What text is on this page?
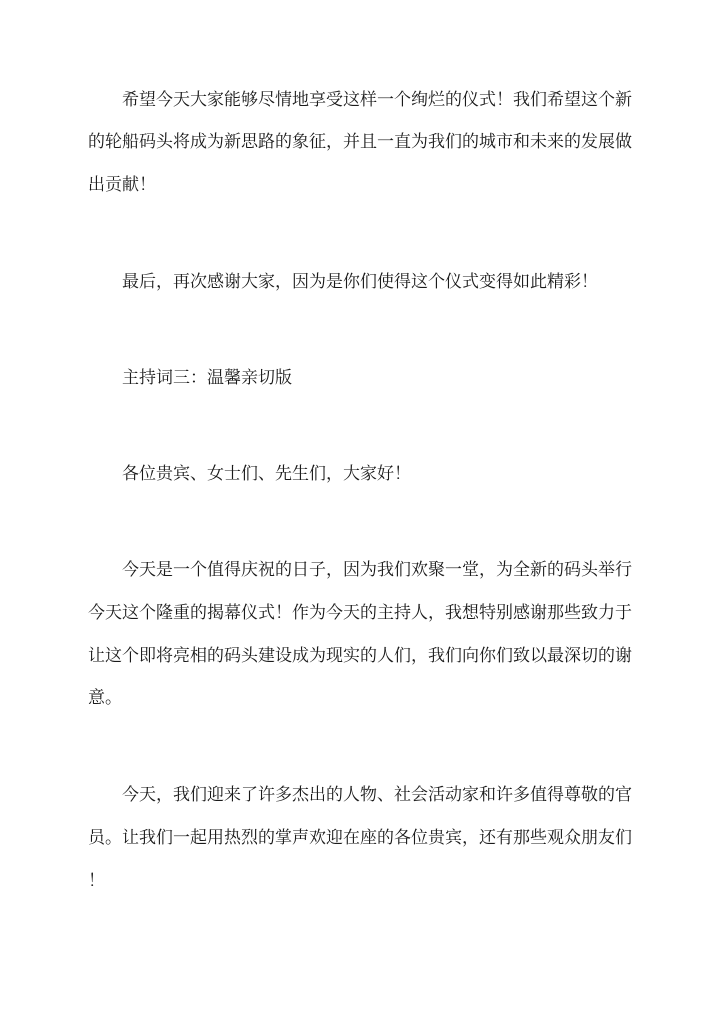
希望今天大家能够尽情地享受这样一个绚烂的仪式！我们希望这个新
的轮船码头将成为新思路的象征，并且一直为我们的城市和未来的发展做
出贡献！
最后，再次感谢大家，因为是你们使得这个仪式变得如此精彩！
主持词三：温馨亲切版
各位贵宾、女士们、先生们，大家好！
今天是一个值得庆祝的日子，因为我们欢聚一堂，为全新的码头举行
今天这个隆重的揭幕仪式！作为今天的主持人，我想特别感谢那些致力于
让这个即将亮相的码头建设成为现实的人们，我们向你们致以最深切的谢
意。
今天，我们迎来了许多杰出的人物、社会活动家和许多值得尊敬的官
员。让我们一起用热烈的掌声欢迎在座的各位贵宾，还有那些观众朋友们
！
